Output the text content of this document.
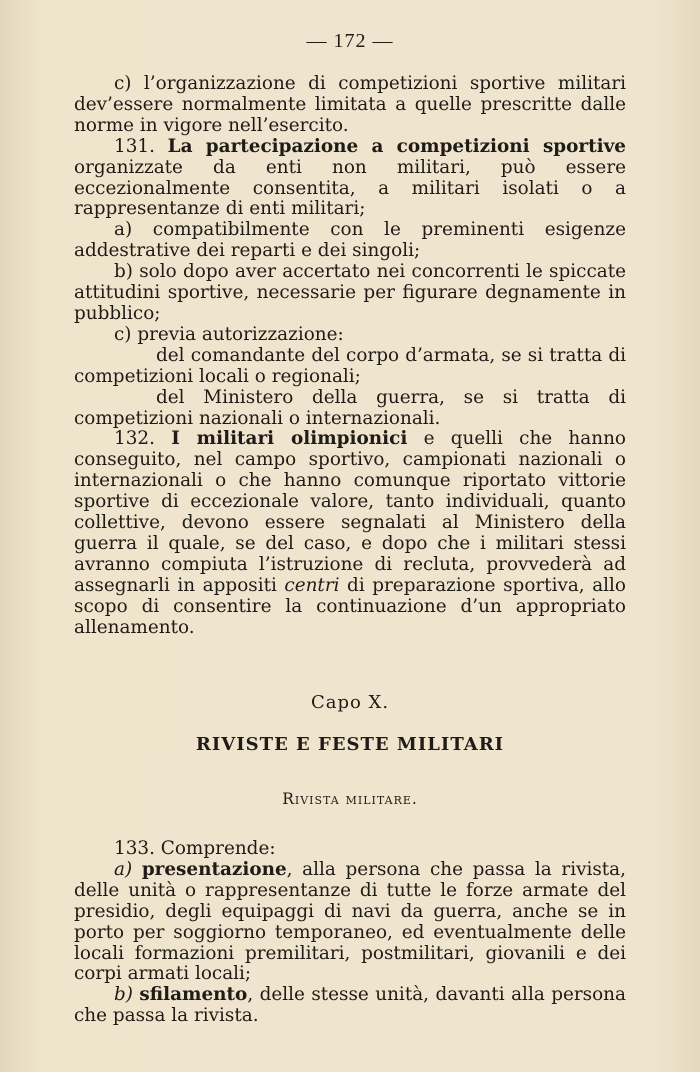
— 172 —

c) l’organizzazione di competizioni sportive militari dev’essere normalmente limitata a quelle prescritte dalle norme in vigore nell’esercito.

131. La partecipazione a competizioni sportive organizzate da enti non militari, può essere eccezionalmente consentita, a militari isolati o a rappresentanze di enti militari;

a) compatibilmente con le preminenti esigenze addestrative dei reparti e dei singoli;

b) solo dopo aver accertato nei concorrenti le spiccate attitudini sportive, necessarie per figurare degnamente in pubblico;

c) previa autorizzazione:

del comandante del corpo d’armata, se si tratta di competizioni locali o regionali;

del Ministero della guerra, se si tratta di competizioni nazionali o internazionali.

132. I militari olimpionici e quelli che hanno conseguito, nel campo sportivo, campionati nazionali o internazionali o che hanno comunque riportato vittorie sportive di eccezionale valore, tanto individuali, quanto collettive, devono essere segnalati al Ministero della guerra il quale, se del caso, e dopo che i militari stessi avranno compiuta l’istruzione di recluta, provvederà ad assegnarli in appositi centri di preparazione sportiva, allo scopo di consentire la continuazione d’un appropriato allenamento.

Capo X.
RIVISTE E FESTE MILITARI
Rivista militare.

133. Comprende:

a) presentazione, alla persona che passa la rivista, delle unità o rappresentanze di tutte le forze armate del presidio, degli equipaggi di navi da guerra, anche se in porto per soggiorno temporaneo, ed eventualmente delle locali formazioni premilitari, postmilitari, giovanili e dei corpi armati locali;

b) sfilamento, delle stesse unità, davanti alla persona che passa la rivista.
